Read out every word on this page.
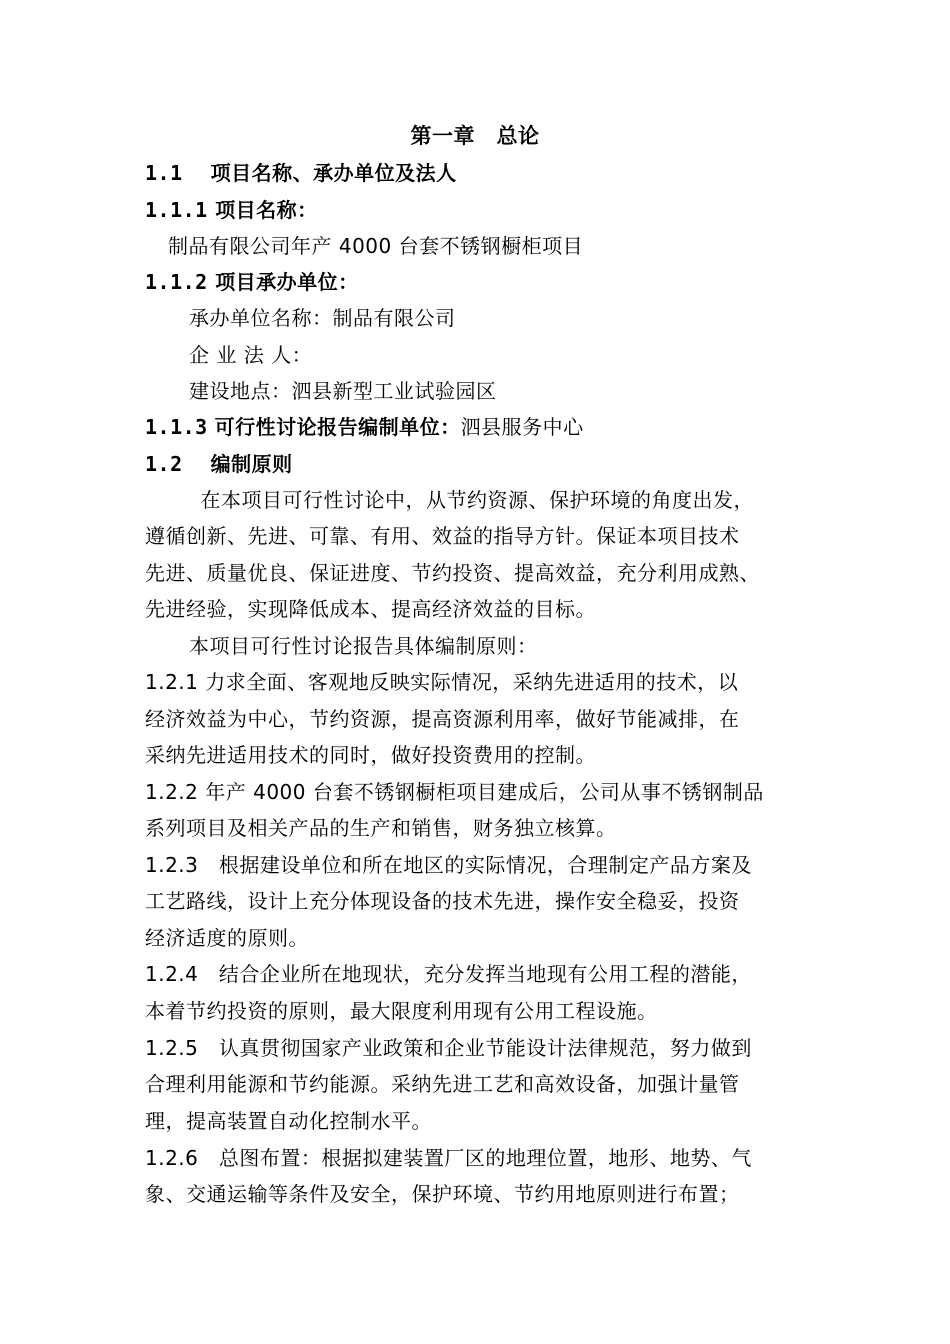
第一章　总论
1.1 项目名称、承办单位及法人
1.1.1 项目名称：
制品有限公司年产 4000 台套不锈钢橱柜项目
1.1.2 项目承办单位：
承办单位名称：制品有限公司
企 业 法 人：
建设地点：泗县新型工业试验园区
1.1.3 可行性讨论报告编制单位：泗县服务中心
1.2 编制原则
　在本项目可行性讨论中，从节约资源、保护环境的角度出发，
遵循创新、先进、可靠、有用、效益的指导方针。保证本项目技术
先进、质量优良、保证进度、节约投资、提高效益，充分利用成熟、
先进经验，实现降低成本、提高经济效益的目标。
本项目可行性讨论报告具体编制原则：
1.2.1 力求全面、客观地反映实际情况，采纳先进适用的技术，以
经济效益为中心，节约资源，提高资源利用率，做好节能减排，在
采纳先进适用技术的同时，做好投资费用的控制。
1.2.2 年产 4000 台套不锈钢橱柜项目建成后，公司从事不锈钢制品
系列项目及相关产品的生产和销售，财务独立核算。
1.2.3　根据建设单位和所在地区的实际情况，合理制定产品方案及
工艺路线，设计上充分体现设备的技术先进，操作安全稳妥，投资
经济适度的原则。
1.2.4　结合企业所在地现状，充分发挥当地现有公用工程的潜能，
本着节约投资的原则，最大限度利用现有公用工程设施。
1.2.5　认真贯彻国家产业政策和企业节能设计法律规范，努力做到
合理利用能源和节约能源。采纳先进工艺和高效设备，加强计量管
理，提高装置自动化控制水平。
1.2.6　总图布置：根据拟建装置厂区的地理位置，地形、地势、气
象、交通运输等条件及安全，保护环境、节约用地原则进行布置；
